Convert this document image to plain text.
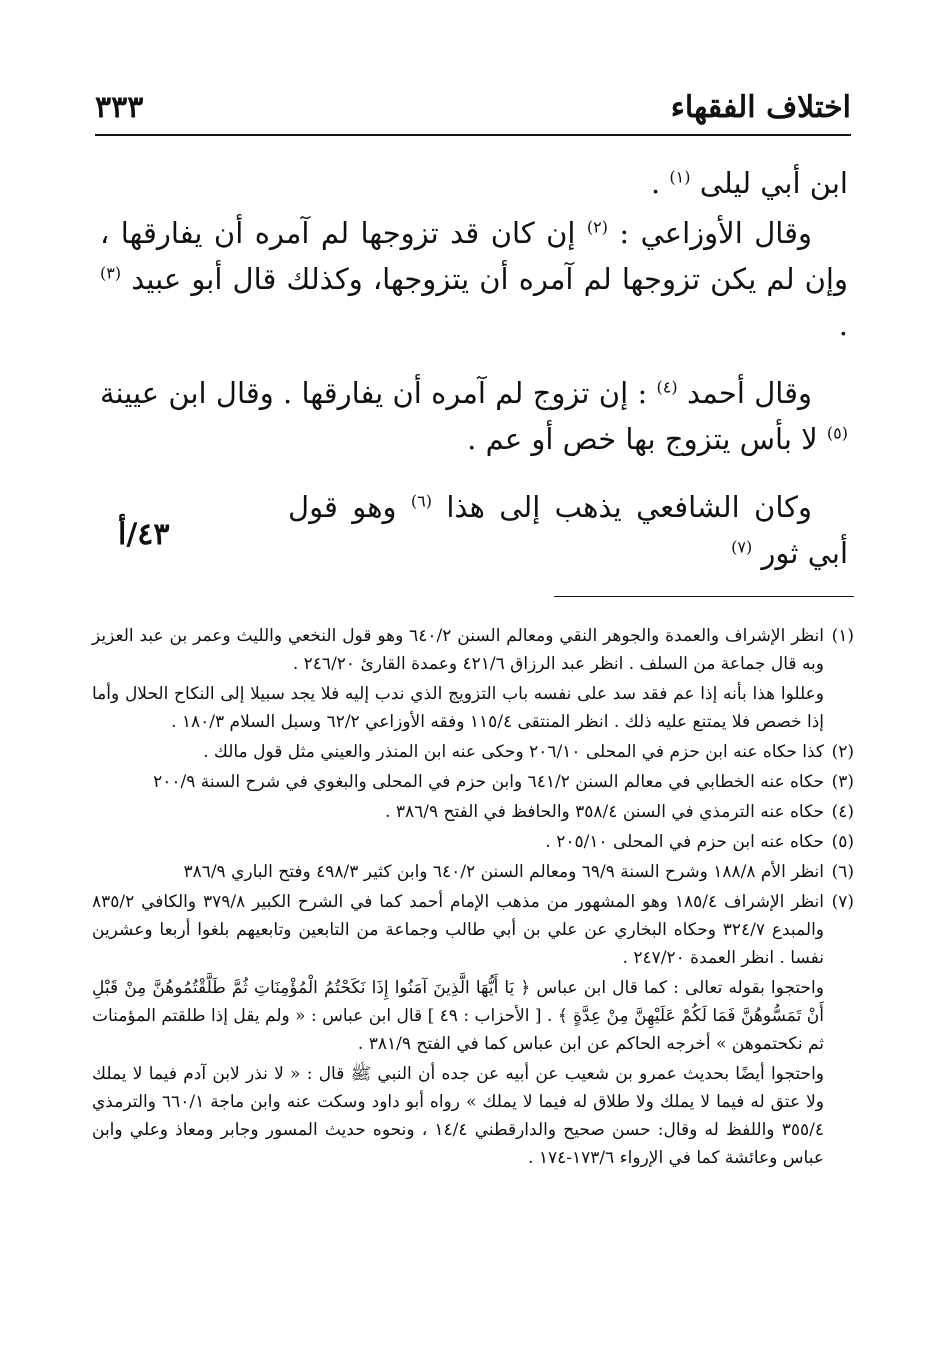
اختلاف الفقهاء
٣٣٣

ابن أبي ليلى $^{(١)}$ .

وقال الأوزاعي : $^{(٢)}$ إن كان قد تزوجها لم آمره أن يفارقها ، وإن لم يكن تزوجها لم آمره أن يتزوجها، وكذلك قال أبو عبيد $^{(٣)}$ .

وقال أحمد $^{(٤)}$ : إن تزوج لم آمره أن يفارقها . وقال ابن عيينة $^{(٥)}$ لا بأس يتزوج بها خص أو عم .

وكان الشافعي يذهب إلى هذا $^{(٦)}$ وهو قول أبي ثور $^{(٧)}$

٤٣/أ

(١)
انظر الإشراف والعمدة والجوهر النقي ومعالم السنن ٦٤٠/٢ وهو قول النخعي والليث وعمر بن عبد العزيز وبه قال جماعة من السلف . انظر عبد الرزاق ٤٢١/٦ وعمدة القارئ ٢٤٦/٢٠ .

وعللوا هذا بأنه إذا عم فقد سد على نفسه باب التزويج الذي ندب إليه فلا يجد سبيلا إلى النكاح الحلال وأما إذا خصص فلا يمتنع عليه ذلك . انظر المنتقى ١١٥/٤ وفقه الأوزاعي ٦٢/٢ وسبل السلام ١٨٠/٣ .

(٢)
كذا حكاه عنه ابن حزم في المحلى ٢٠٦/١٠ وحكى عنه ابن المنذر والعيني مثل قول مالك .

(٣)
حكاه عنه الخطابي في معالم السنن ٦٤١/٢ وابن حزم في المحلى والبغوي في شرح السنة ٢٠٠/٩

(٤)
حكاه عنه الترمذي في السنن ٣٥٨/٤ والحافظ في الفتح ٣٨٦/٩ .

(٥)
حكاه عنه ابن حزم في المحلى ٢٠٥/١٠ .

(٦)
انظر الأم ١٨٨/٨ وشرح السنة ٦٩/٩ ومعالم السنن ٦٤٠/٢ وابن كثير ٤٩٨/٣ وفتح الباري ٣٨٦/٩

(٧)
انظر الإشراف ١٨٥/٤ وهو المشهور من مذهب الإمام أحمد كما في الشرح الكبير ٣٧٩/٨ والكافي ٨٣٥/٢ والمبدع ٣٢٤/٧ وحكاه البخاري عن علي بن أبي طالب وجماعة من التابعين وتابعيهم بلغوا أربعا وعشرين نفسا . انظر العمدة ٢٤٧/٢٠ .

واحتجوا بقوله تعالى : كما قال ابن عباس ﴿ يَا أَيُّهَا الَّذِينَ آمَنُوا إِذَا نَكَحْتُمُ الْمُؤْمِنَاتِ ثُمَّ طَلَّقْتُمُوهُنَّ مِنْ قَبْلِ أَنْ تَمَسُّوهُنَّ فَمَا لَكُمْ عَلَيْهِنَّ مِنْ عِدَّةٍ ﴾ . [ الأحزاب : ٤٩ ] قال ابن عباس : « ولم يقل إذا طلقتم المؤمنات ثم نكحتموهن » أخرجه الحاكم عن ابن عباس كما في الفتح ٣٨١/٩ .

واحتجوا أيضًا بحديث عمرو بن شعيب عن أبيه عن جده أن النبي ﷺ قال : « لا نذر لابن آدم فيما لا يملك ولا عتق له فيما لا يملك ولا طلاق له فيما لا يملك » رواه أبو داود وسكت عنه وابن ماجة ٦٦٠/١ والترمذي ٣٥٥/٤ واللفظ له وقال: حسن صحيح والدارقطني ١٤/٤ ، ونحوه حديث المسور وجابر ومعاذ وعلي وابن عباس وعائشة كما في الإرواء ١٧٣/٦-١٧٤ .
